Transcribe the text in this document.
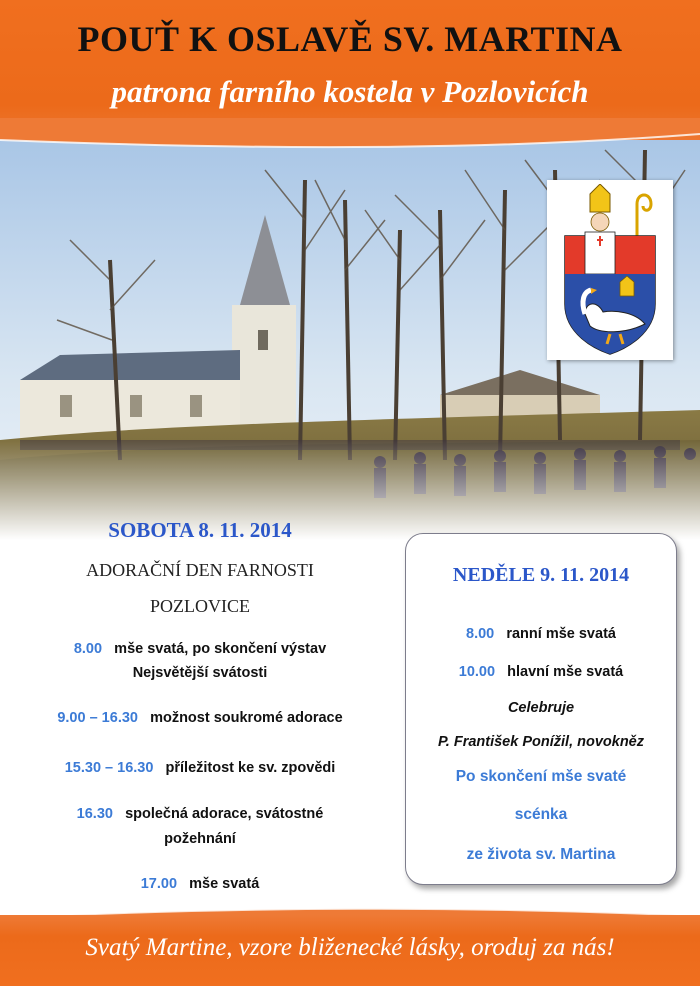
POUŤ K OSLAVĚ SV. MARTINA
patrona farního kostela v Pozlovicích
SOBOTA 8. 11. 2014
ADORAČNÍ DEN FARNOSTI
POZLOVICE
8.00 mše svatá, po skončení výstav
Nejsvětější svátosti
9.00 – 16.30 možnost soukromé adorace
15.30 – 16.30 příležitost ke sv. zpovědi
16.30 společná adorace, svátostné
požehnání
17.00 mše svatá
NEDĚLE 9. 11. 2014
8.00 ranní mše svatá
10.00 hlavní mše svatá
Celebruje
P. František Ponížil, novokněz
Po skončení mše svaté
scénka
ze života sv. Martina
Svatý Martine, vzore bliženecké lásky, oroduj za nás!
